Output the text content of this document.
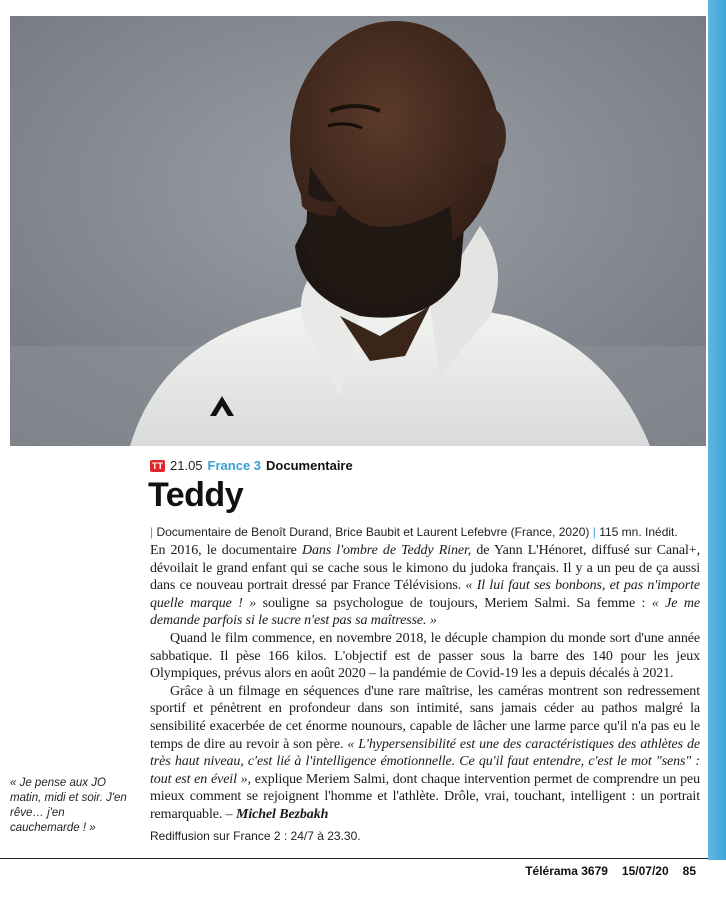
TT 21.05 France 3 Documentaire
Teddy
| Documentaire de Benoît Durand, Brice Baubit et Laurent Lefebvre (France, 2020) | 115 mn. Inédit.

En 2016, le documentaire Dans l'ombre de Teddy Riner, de Yann L'Hénoret, diffusé sur Canal+, dévoilait le grand enfant qui se cache sous le kimono du judoka français. Il y a un peu de ça aussi dans ce nouveau portrait dressé par France Télévisions. « Il lui faut ses bonbons, et pas n'importe quelle marque ! » souligne sa psychologue de toujours, Meriem Salmi. Sa femme : « Je me demande parfois si le sucre n'est pas sa maîtresse. »

Quand le film commence, en novembre 2018, le décuple champion du monde sort d'une année sabbatique. Il pèse 166 kilos. L'objectif est de passer sous la barre des 140 pour les jeux Olympiques, prévus alors en août 2020 – la pandémie de Covid-19 les a depuis décalés à 2021.

Grâce à un filmage en séquences d'une rare maîtrise, les caméras montrent son redressement sportif et pénètrent en profondeur dans son intimité, sans jamais céder au pathos malgré la sensibilité exacerbée de cet énorme nounours, capable de lâcher une larme parce qu'il n'a pas eu le temps de dire au revoir à son père. « L'hypersensibilité est une des caractéristiques des athlètes de très haut niveau, c'est lié à l'intelligence émotionnelle. Ce qu'il faut entendre, c'est le mot "sens" : tout est en éveil », explique Meriem Salmi, dont chaque intervention permet de comprendre un peu mieux comment se rejoignent l'homme et l'athlète. Drôle, vrai, touchant, intelligent : un portrait remarquable. – Michel Bezbakh

Rediffusion sur France 2 : 24/7 à 23.30.
« Je pense aux JO matin, midi et soir. J'en rêve… j'en cauchemarde ! »
Télérama 3679 15/07/20 85
